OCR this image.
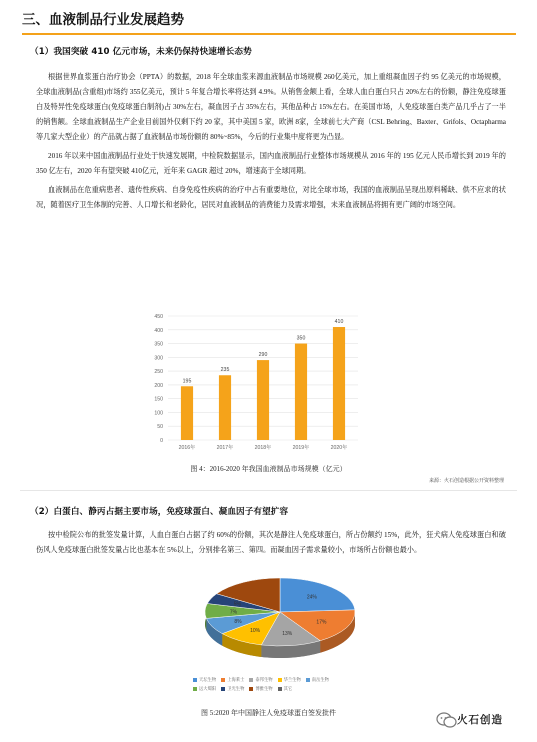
三、血液制品行业发展趋势
（1）我国突破 410 亿元市场，未来仍保持快速增长态势

根据世界血浆蛋白治疗协会（PPTA）的数据，2018 年全球血浆来源血液制品市场规模 260亿美元，加上重组凝血因子约 95 亿美元的市场规模，全球血液制品(含重组)市场约 355亿美元，预计 5 年复合增长率将达到 4.9%。从销售金额上看，全球人血白蛋白只占 20%左右的份额，静注免疫球蛋白及特异性免疫球蛋白(免疫球蛋白制剂)占 30%左右，凝血因子占 35%左右，其他品种占 15%左右。在美国市场，人免疫球蛋白类产品几乎占了一半的销售额。全球血液制品生产企业目前国外仅剩下约 20 家，其中美国 5 家，欧洲 8家，全球前七大产商（CSL Behring、Baxter、Grifols、Octapharma 等几家大型企业）的产品就占据了血液制品市场份额的 80%~85%，今后的行业集中度将更为凸显。

2016 年以来中国血液制品行业处于快速发展期，中检院数据显示，国内血液制品行业整体市场规模从 2016 年的 195 亿元人民币增长到 2019 年的 350 亿左右，2020 年有望突破 410亿元，近年来 GAGR 超过 20%，增速高于全球同期。

血液制品在危重病患者、遗传性疾病、自身免疫性疾病的治疗中占有重要地位，对比全球市场，我国的血液制品呈现出原料稀缺、供不应求的状况，随着医疗卫生体制的完善、人口增长和老龄化，居民对血液制品的消费能力及需求增强，未来血液制品将拥有更广阔的市场空间。

0
50
100
150
200
250
300
350
400
450
195
2016年
235
2017年
290
2018年
350
2019年
410
2020年
图 4：2016-2020 年我国血液制品市场规模（亿元）
来源：火石创造根据公开资料整理
（2）白蛋白、静丙占据主要市场，免疫球蛋白、凝血因子有望扩容

按中检院公布的批签发量计算，人血白蛋白占据了约 60%的份额，其次是静注人免疫球蛋白，所占份额约 15%，此外，狂犬病人免疫球蛋白和破伤风人免疫球蛋白批签发量占比也基本在 5%以上，分别排名第三、第四。而凝血因子需求量较小，市场所占份额也最小。

24%
17%
13%
10%
8%
7%
5%
天坛生物	上海莱士	泰邦生物	华兰生物	南岳生物远大蜀阳	卫光生物	博雅生物	其它
图 5:2020 年中国静注人免疫球蛋白签发批件
火石创造
